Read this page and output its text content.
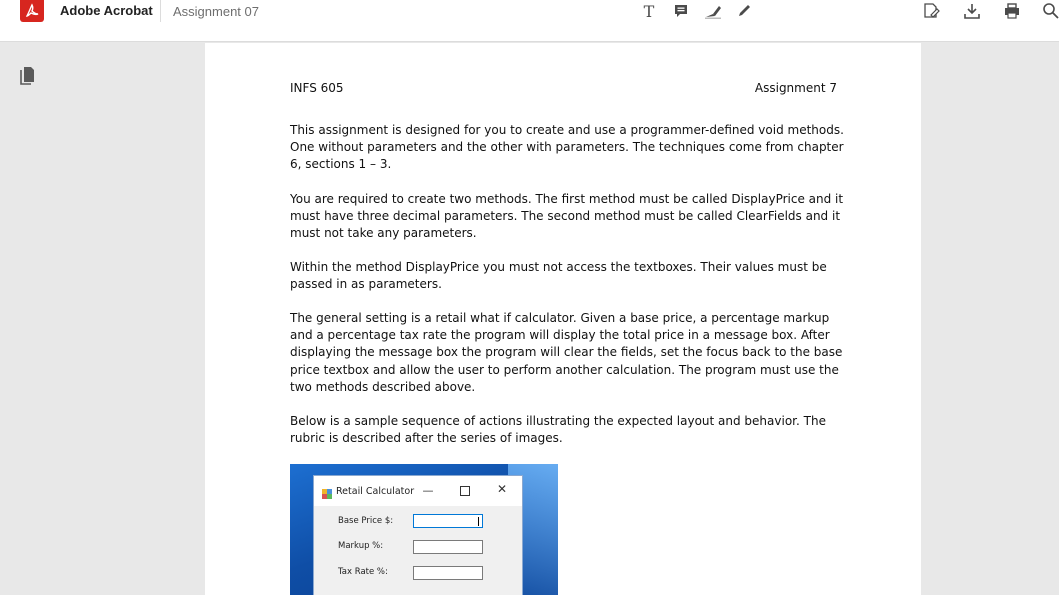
Adobe Acrobat Assignment 07	T
INFS 605	Assignment 7

This assignment is designed for you to create and use a programmer-defined void methods. One without parameters and the other with parameters. The techniques come from chapter 6, sections 1 – 3.

You are required to create two methods. The first method must be called DisplayPrice and it must have three decimal parameters. The second method must be called ClearFields and it must not take any parameters.

Within the method DisplayPrice you must not access the textboxes. Their values must be passed in as parameters.

The general setting is a retail what if calculator. Given a base price, a percentage markup and a percentage tax rate the program will display the total price in a message box. After displaying the message box the program will clear the fields, set the focus back to the base price textbox and allow the user to perform another calculation. The program must use the two methods described above.

Below is a sample sequence of actions illustrating the expected layout and behavior. The rubric is described after the series of images.

Retail Calculator —	✕
Base Price $:
Markup %:
Tax Rate %:
